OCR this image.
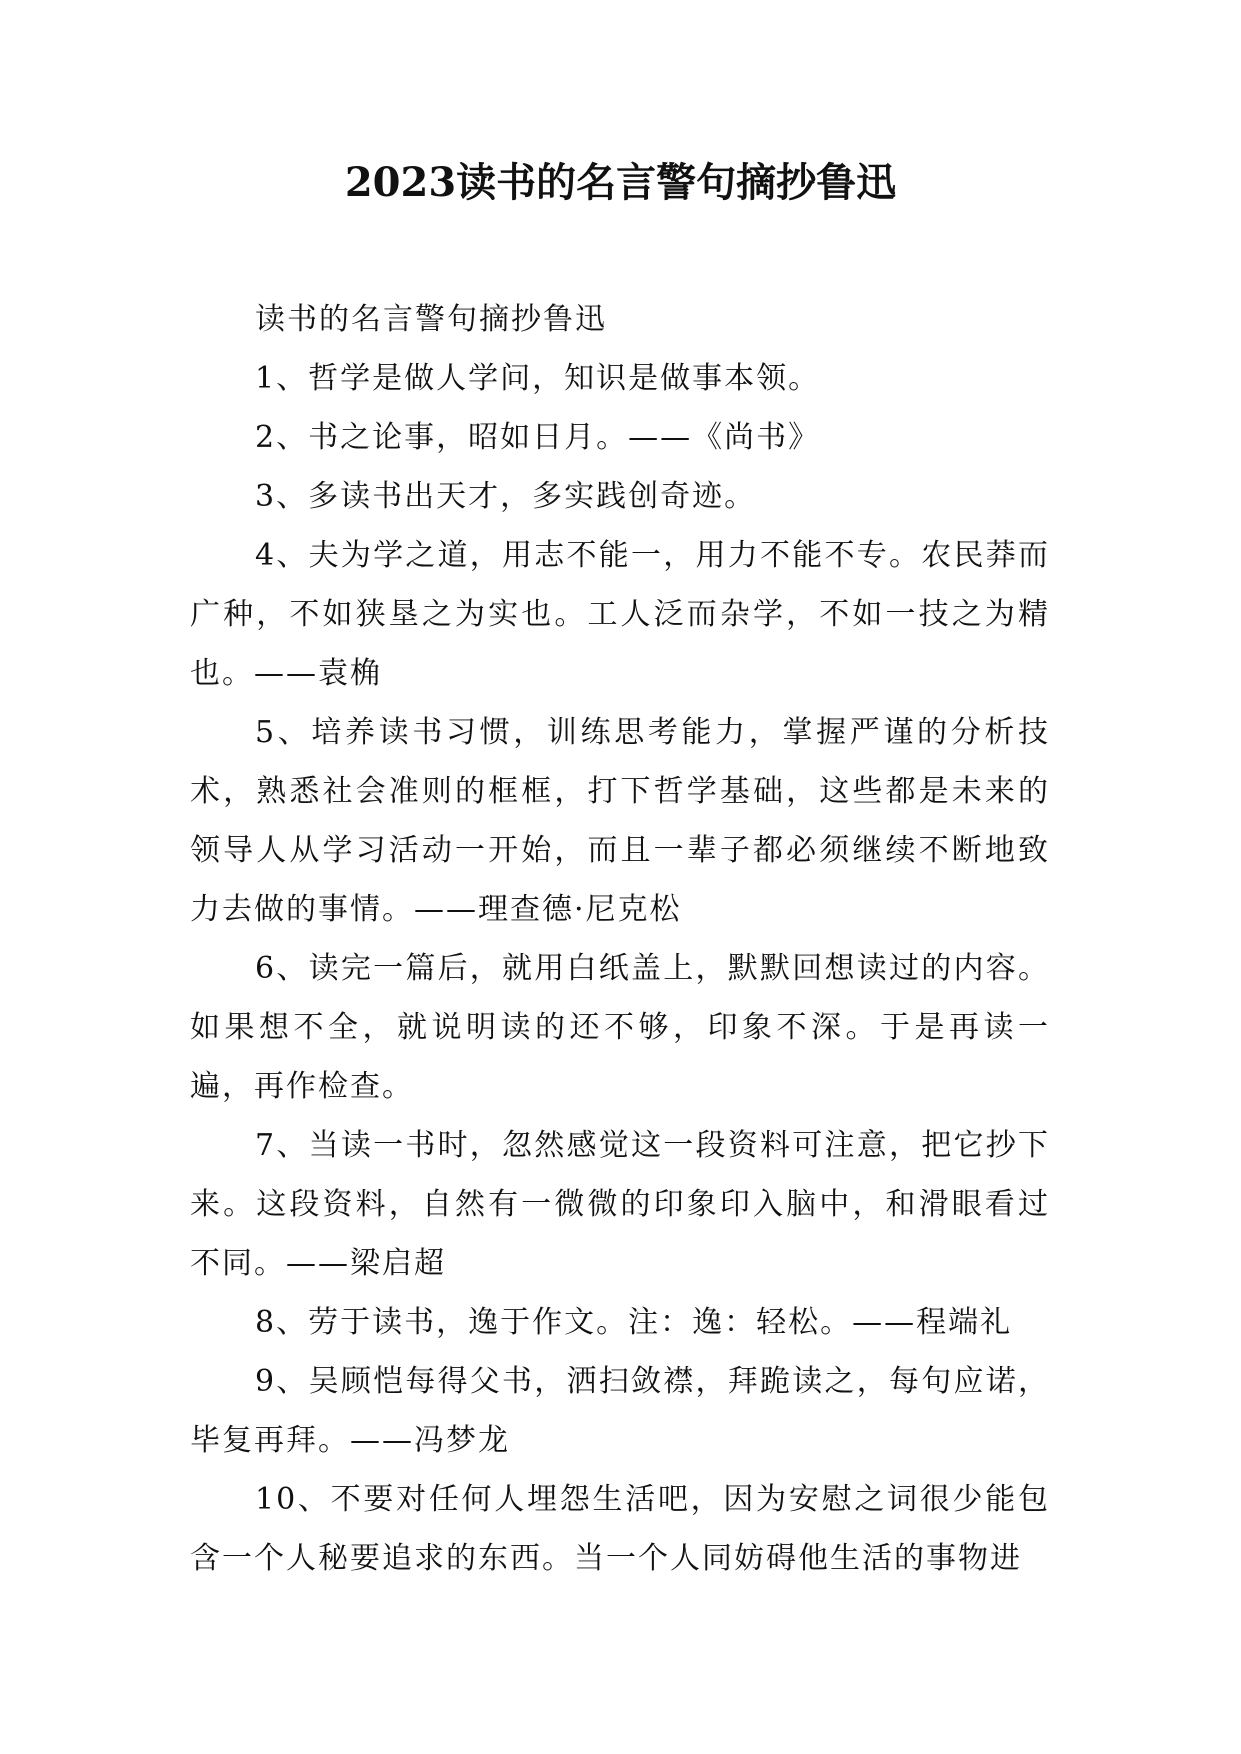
2023读书的名言警句摘抄鲁迅

读书的名言警句摘抄鲁迅

1、哲学是做人学问，知识是做事本领。

2、书之论事，昭如日月。——《尚书》

3、多读书出天才，多实践创奇迹。

4、夫为学之道，用志不能一，用力不能不专。农民莽而广种，不如狭垦之为实也。工人泛而杂学，不如一技之为精也。——袁桷

5、培养读书习惯，训练思考能力，掌握严谨的分析技术，熟悉社会准则的框框，打下哲学基础，这些都是未来的领导人从学习活动一开始，而且一辈子都必须继续不断地致力去做的事情。——理查德·尼克松

6、读完一篇后，就用白纸盖上，默默回想读过的内容。如果想不全，就说明读的还不够，印象不深。于是再读一遍，再作检查。

7、当读一书时，忽然感觉这一段资料可注意，把它抄下来。这段资料，自然有一微微的印象印入脑中，和滑眼看过不同。——梁启超

8、劳于读书，逸于作文。注：逸：轻松。——程端礼

9、吴顾恺每得父书，洒扫敛襟，拜跪读之，每句应诺，毕复再拜。——冯梦龙

10、不要对任何人埋怨生活吧，因为安慰之词很少能包含一个人秘要追求的东西。当一个人同妨碍他生活的事物进
